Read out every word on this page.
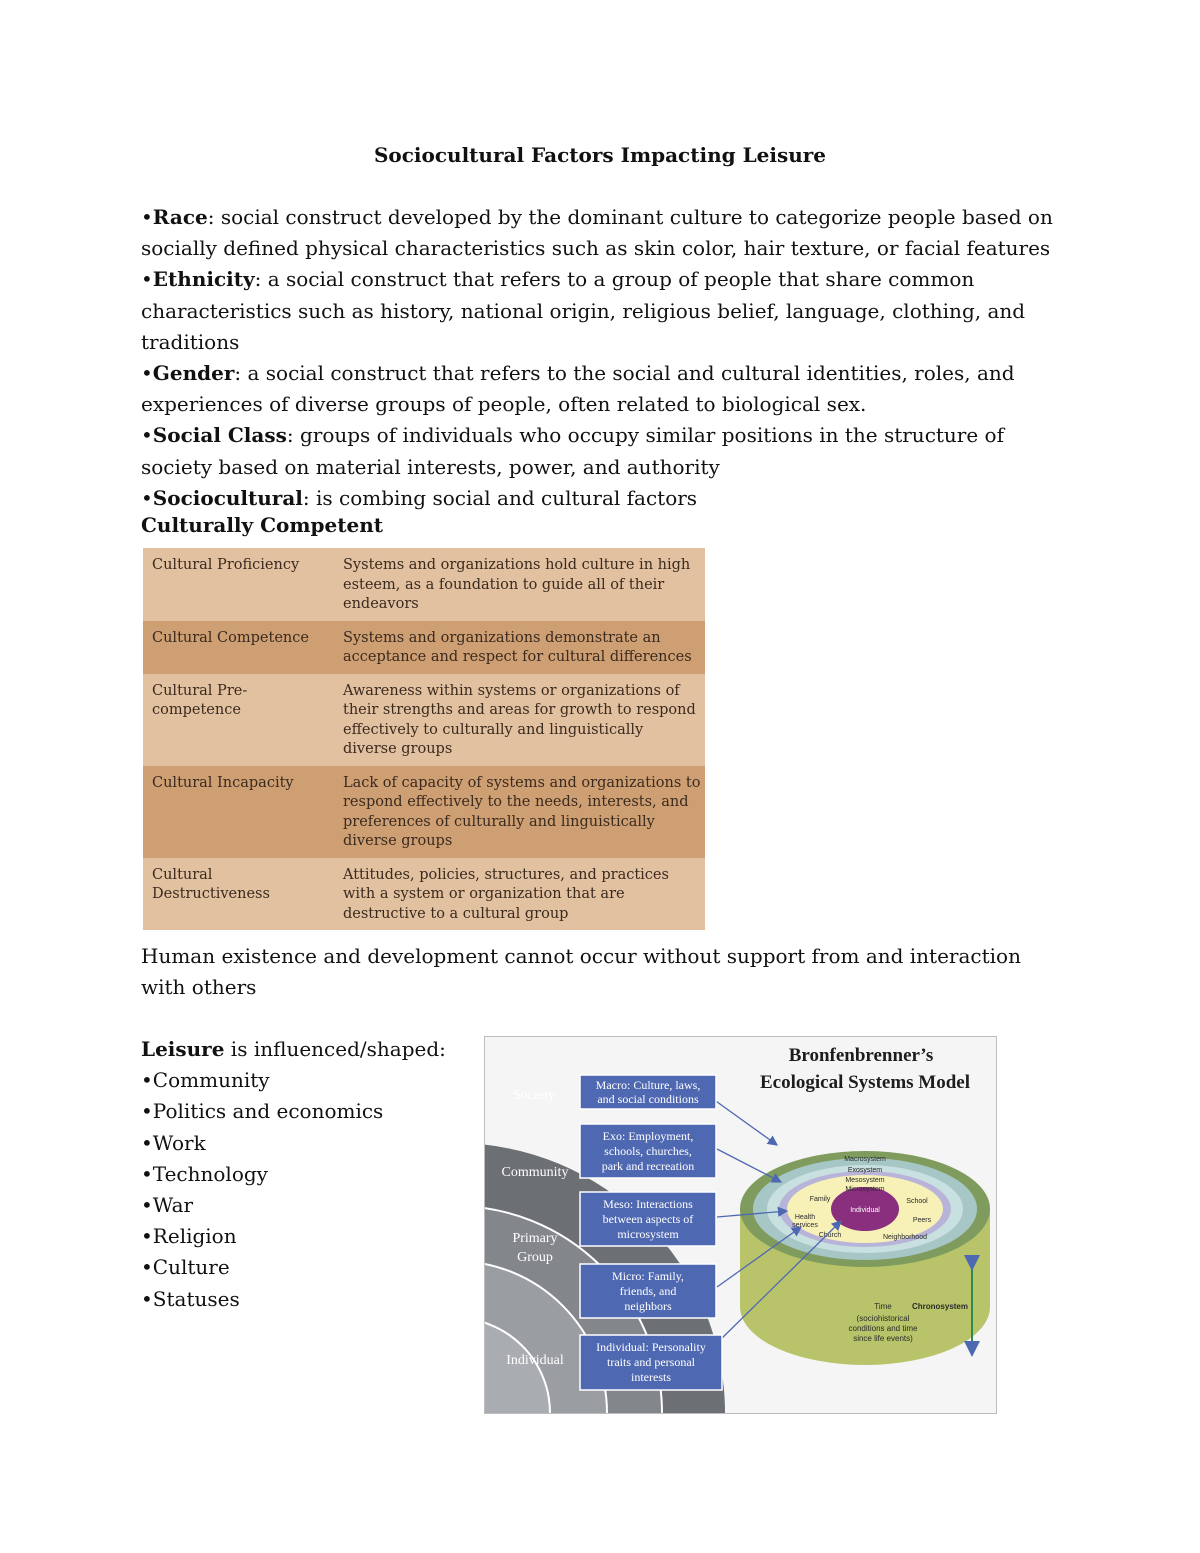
Sociocultural Factors Impacting Leisure
•Race: social construct developed by the dominant culture to categorize people based on socially defined physical characteristics such as skin color, hair texture, or facial features
•Ethnicity: a social construct that refers to a group of people that share common characteristics such as history, national origin, religious belief, language, clothing, and traditions
•Gender: a social construct that refers to the social and cultural identities, roles, and experiences of diverse groups of people, often related to biological sex.
•Social Class: groups of individuals who occupy similar positions in the structure of society based on material interests, power, and authority
•Sociocultural: is combing social and cultural factors
Culturally Competent
Cultural Proficiency	Systems and organizations hold culture in high esteem, as a foundation to guide all of their endeavors
Cultural Competence	Systems and organizations demonstrate an acceptance and respect for cultural differences
Cultural Pre-competence	Awareness within systems or organizations of their strengths and areas for growth to respond effectively to culturally and linguistically diverse groups
Cultural Incapacity	Lack of capacity of systems and organizations to respond effectively to the needs, interests, and preferences of culturally and linguistically diverse groups
Cultural Destructiveness	Attitudes, policies, structures, and practices with a system or organization that are destructive to a cultural group
Human existence and development cannot occur without support from and interaction with others
Leisure is influenced/shaped:
•Community
•Politics and economics
•Work
•Technology
•War
•Religion
•Culture
•Statuses
Society
Community
Primary
Group
Individual
Bronfenbrenner’s
Ecological Systems Model
Macrosystem
Exosystem
Mesosystem
Microsystem
Family	School
Peers
Health
services
Church	Neighborhood
Individual
Chronosystem
Time
(sociohistorical
conditions and time
since life events)
Macro: Culture, laws,
and social conditions
Exo: Employment,
schools, churches,
park and recreation
Meso: Interactions
between aspects of
microsystem
Micro: Family,
friends, and
neighbors
Individual: Personality
traits and personal
interests
